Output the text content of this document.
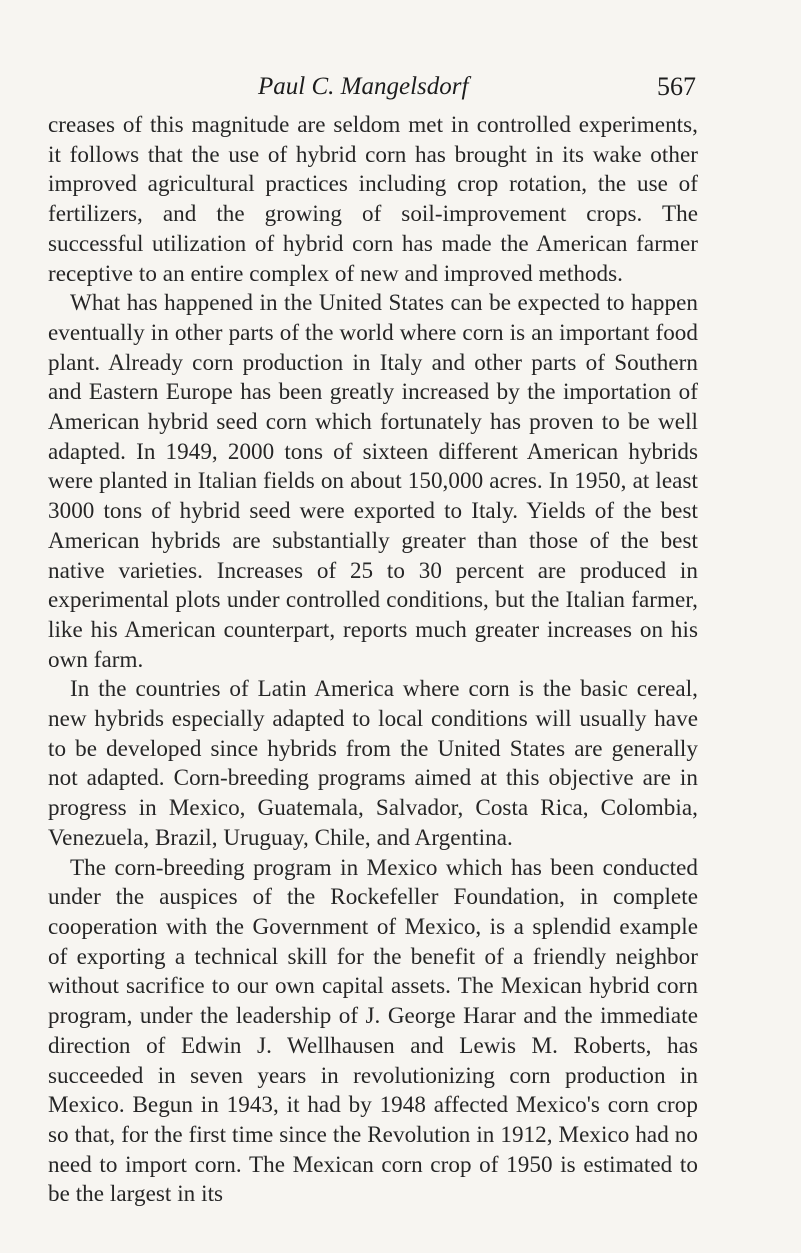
Paul C. Mangelsdorf	567

creases of this magnitude are seldom met in controlled experiments, it follows that the use of hybrid corn has brought in its wake other improved agricultural practices including crop rotation, the use of fertilizers, and the growing of soil-improvement crops. The successful utilization of hybrid corn has made the American farmer receptive to an entire complex of new and improved methods.

What has happened in the United States can be expected to happen eventually in other parts of the world where corn is an important food plant. Already corn production in Italy and other parts of Southern and Eastern Europe has been greatly increased by the importation of American hybrid seed corn which fortunately has proven to be well adapted. In 1949, 2000 tons of sixteen different American hybrids were planted in Italian fields on about 150,000 acres. In 1950, at least 3000 tons of hybrid seed were exported to Italy. Yields of the best American hybrids are substantially greater than those of the best native varieties. Increases of 25 to 30 percent are produced in experimental plots under controlled conditions, but the Italian farmer, like his American counterpart, reports much greater increases on his own farm.

In the countries of Latin America where corn is the basic cereal, new hybrids especially adapted to local conditions will usually have to be developed since hybrids from the United States are generally not adapted. Corn-breeding programs aimed at this objective are in progress in Mexico, Guatemala, Salvador, Costa Rica, Colombia, Venezuela, Brazil, Uruguay, Chile, and Argentina.

The corn-breeding program in Mexico which has been conducted under the auspices of the Rockefeller Foundation, in complete cooperation with the Government of Mexico, is a splendid example of exporting a technical skill for the benefit of a friendly neighbor without sacrifice to our own capital assets. The Mexican hybrid corn program, under the leadership of J. George Harar and the immediate direction of Edwin J. Wellhausen and Lewis M. Roberts, has succeeded in seven years in revolutionizing corn production in Mexico. Begun in 1943, it had by 1948 affected Mexico's corn crop so that, for the first time since the Revolution in 1912, Mexico had no need to import corn. The Mexican corn crop of 1950 is estimated to be the largest in its
